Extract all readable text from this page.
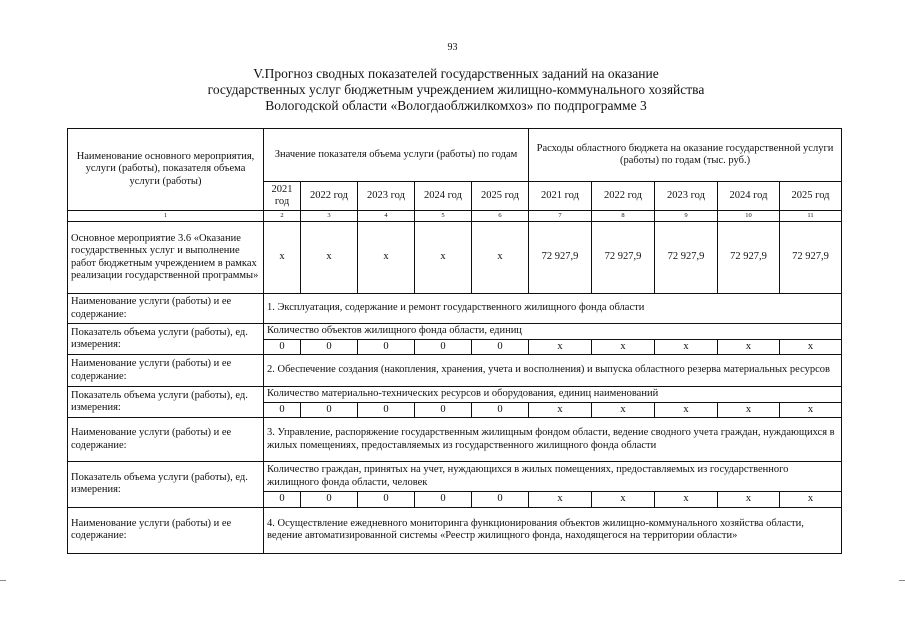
93
V.Прогноз сводных показателей государственных заданий на оказание
государственных услуг бюджетным учреждением жилищно-коммунального хозяйства
Вологодской области «Вологдаоблжилкомхоз» по подпрограмме 3
Наименование основного мероприятия, услуги (работы), показателя объема услуги (работы)	Значение показателя объема услуги (работы) по годам					Расходы областного бюджета на оказание государственной услуги (работы) по годам (тыс. руб.)				
	2021 год	2022 год	2023 год	2024 год	2025 год	2021 год	2022 год	2023 год	2024 год	2025 год
1	2	3	4	5	6	7	8	9	10	11
Основное мероприятие 3.6 «Оказание государственных услуг и выполнение работ бюджетным учреждением в рамках реализации государственной программы»	х	х	х	х	х	72 927,9	72 927,9	72 927,9	72 927,9	72 927,9
Наименование услуги (работы) и ее содержание:	1. Эксплуатация, содержание и ремонт государственного жилищного фонда области									
Показатель объема услуги (работы), ед. измерения:	Количество объектов жилищного фонда области, единиц									
	0	0	0	0	0	х	х	х	х	х
Наименование услуги (работы) и ее содержание:	2. Обеспечение создания (накопления, хранения, учета и восполнения) и выпуска областного резерва материальных ресурсов									
Показатель объема услуги (работы), ед. измерения:	Количество материально-технических ресурсов и оборудования, единиц наименований									
	0	0	0	0	0	х	х	х	х	х
Наименование услуги (работы) и ее содержание:	3. Управление, распоряжение государственным жилищным фондом области, ведение сводного учета граждан, нуждающихся в жилых помещениях, предоставляемых из государственного жилищного фонда области									
Показатель объема услуги (работы), ед. измерения:	Количество граждан, принятых на учет, нуждающихся в жилых помещениях, предоставляемых из государственного жилищного фонда области, человек									
	0	0	0	0	0	х	х	х	х	х
Наименование услуги (работы) и ее содержание:	4. Осуществление ежедневного мониторинга функционирования объектов жилищно-коммунального хозяйства области, ведение автоматизированной системы «Реестр жилищного фонда, находящегося на территории области»									
